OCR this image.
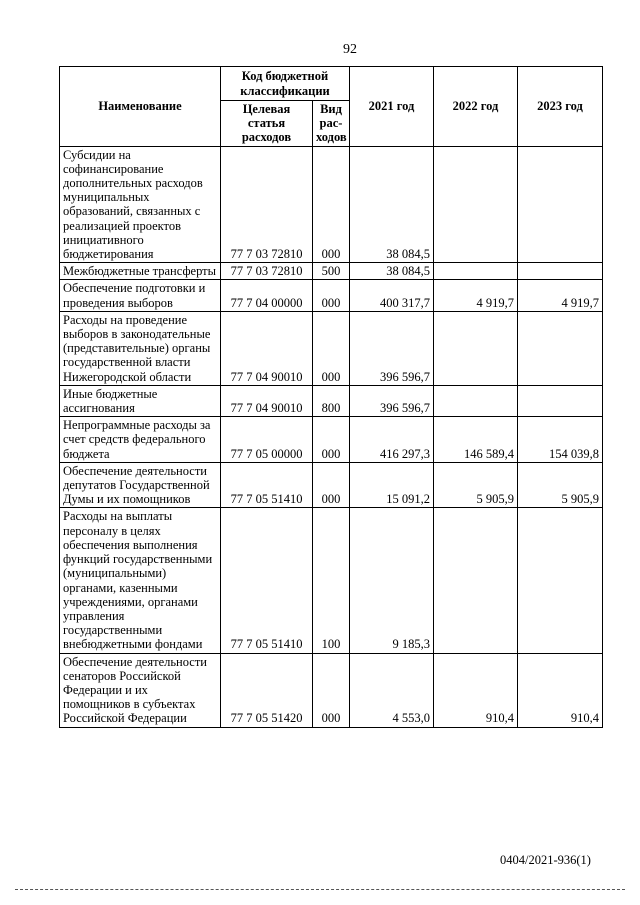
92
Наименование	Код бюджетной классификации		2021 год	2022 год	2023 год
	Целевая статья расходов	Вид рас-ходов			
Субсидии на софинансирование дополнительных расходов муниципальных образований, связанных с реализацией проектов инициативного бюджетирования	77 7 03 72810	000	38 084,5		
Межбюджетные трансферты	77 7 03 72810	500	38 084,5		
Обеспечение подготовки и проведения выборов	77 7 04 00000	000	400 317,7	4 919,7	4 919,7
Расходы на проведение выборов в законодательные (представительные) органы государственной власти Нижегородской области	77 7 04 90010	000	396 596,7		
Иные бюджетные ассигнования	77 7 04 90010	800	396 596,7		
Непрограммные расходы за счет средств федерального бюджета	77 7 05 00000	000	416 297,3	146 589,4	154 039,8
Обеспечение деятельности депутатов Государственной Думы и их помощников	77 7 05 51410	000	15 091,2	5 905,9	5 905,9
Расходы на выплаты персоналу в целях обеспечения выполнения функций государственными (муниципальными) органами, казенными учреждениями, органами управления государственными внебюджетными фондами	77 7 05 51410	100	9 185,3		
Обеспечение деятельности сенаторов Российской Федерации и их помощников в субъектах Российской Федерации	77 7 05 51420	000	4 553,0	910,4	910,4
0404/2021-936(1)
